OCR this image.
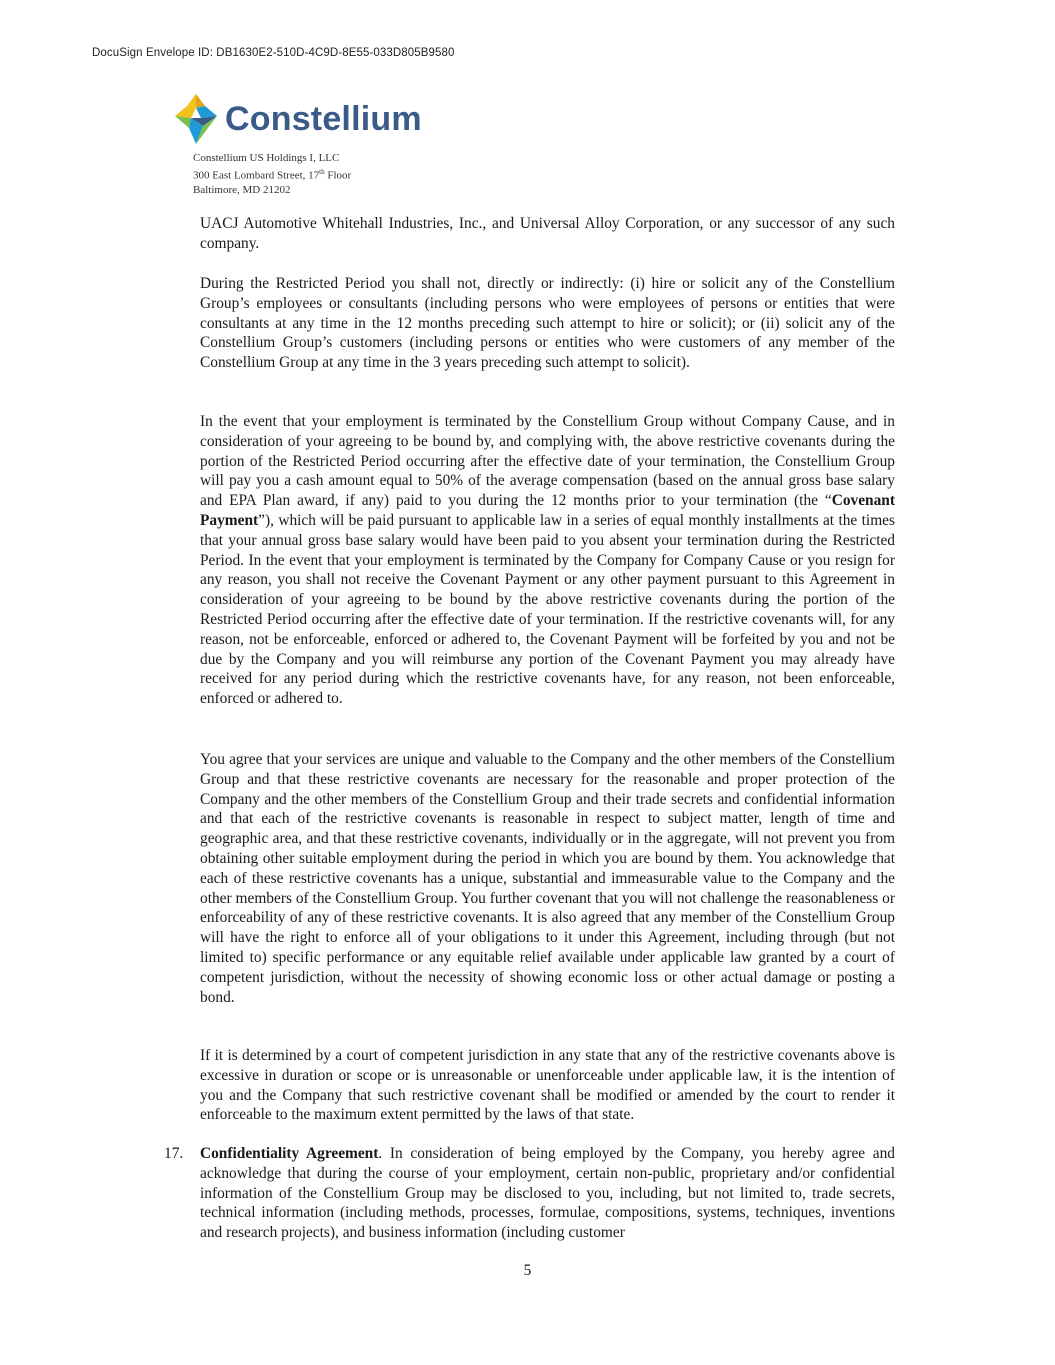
DocuSign Envelope ID: DB1630E2-510D-4C9D-8E55-033D805B9580
Constellium
Constellium US Holdings I, LLC
300 East Lombard Street, 17th Floor
Baltimore, MD 21202

UACJ Automotive Whitehall Industries, Inc., and Universal Alloy Corporation, or any successor of any such company.

During the Restricted Period you shall not, directly or indirectly: (i) hire or solicit any of the Constellium Group’s employees or consultants (including persons who were employees of persons or entities that were consultants at any time in the 12 months preceding such attempt to hire or solicit); or (ii) solicit any of the Constellium Group’s customers (including persons or entities who were customers of any member of the Constellium Group at any time in the 3 years preceding such attempt to solicit).

In the event that your employment is terminated by the Constellium Group without Company Cause, and in consideration of your agreeing to be bound by, and complying with, the above restrictive covenants during the portion of the Restricted Period occurring after the effective date of your termination, the Constellium Group will pay you a cash amount equal to 50% of the average compensation (based on the annual gross base salary and EPA Plan award, if any) paid to you during the 12 months prior to your termination (the “Covenant Payment”), which will be paid pursuant to applicable law in a series of equal monthly installments at the times that your annual gross base salary would have been paid to you absent your termination during the Restricted Period. In the event that your employment is terminated by the Company for Company Cause or you resign for any reason, you shall not receive the Covenant Payment or any other payment pursuant to this Agreement in consideration of your agreeing to be bound by the above restrictive covenants during the portion of the Restricted Period occurring after the effective date of your termination. If the restrictive covenants will, for any reason, not be enforceable, enforced or adhered to, the Covenant Payment will be forfeited by you and not be due by the Company and you will reimburse any portion of the Covenant Payment you may already have received for any period during which the restrictive covenants have, for any reason, not been enforceable, enforced or adhered to.

You agree that your services are unique and valuable to the Company and the other members of the Constellium Group and that these restrictive covenants are necessary for the reasonable and proper protection of the Company and the other members of the Constellium Group and their trade secrets and confidential information and that each of the restrictive covenants is reasonable in respect to subject matter, length of time and geographic area, and that these restrictive covenants, individually or in the aggregate, will not prevent you from obtaining other suitable employment during the period in which you are bound by them. You acknowledge that each of these restrictive covenants has a unique, substantial and immeasurable value to the Company and the other members of the Constellium Group. You further covenant that you will not challenge the reasonableness or enforceability of any of these restrictive covenants. It is also agreed that any member of the Constellium Group will have the right to enforce all of your obligations to it under this Agreement, including through (but not limited to) specific performance or any equitable relief available under applicable law granted by a court of competent jurisdiction, without the necessity of showing economic loss or other actual damage or posting a bond.

If it is determined by a court of competent jurisdiction in any state that any of the restrictive covenants above is excessive in duration or scope or is unreasonable or unenforceable under applicable law, it is the intention of you and the Company that such restrictive covenant shall be modified or amended by the court to render it enforceable to the maximum extent permitted by the laws of that state.

17.	Confidentiality Agreement. In consideration of being employed by the Company, you hereby agree and acknowledge that during the course of your employment, certain non-public, proprietary and/or confidential information of the Constellium Group may be disclosed to you, including, but not limited to, trade secrets, technical information (including methods, processes, formulae, compositions, systems, techniques, inventions and research projects), and business information (including customer

5
